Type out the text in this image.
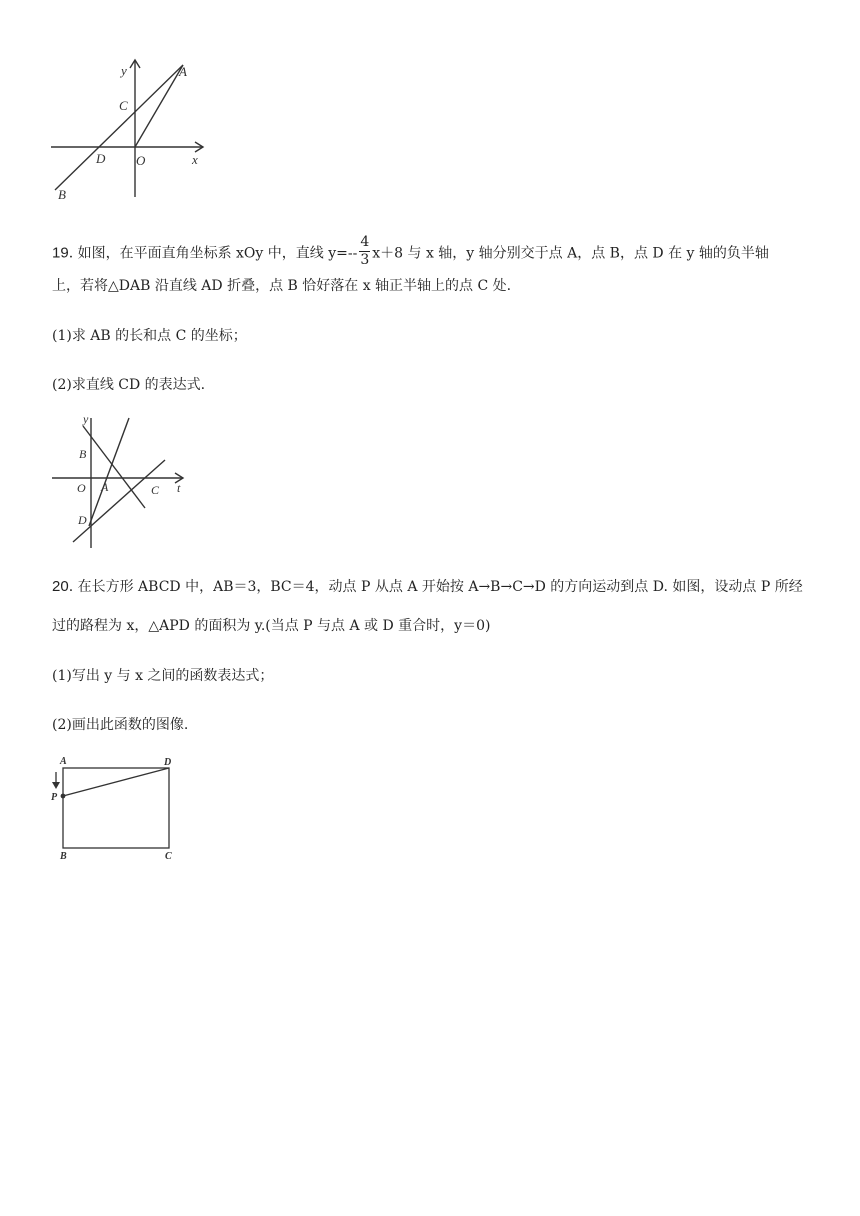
y	A
C
D O	x
B
19. 如图，在平面直角坐标系 xOy 中，直线 $y=-- \frac{4}{3} x+8$ 与 x 轴，y 轴分别交于点 A，点 B，点 D 在 y 轴的负半轴
上，若将△DAB 沿直线 AD 折叠，点 B 恰好落在 x 轴正半轴上的点 C 处.
(1)求 AB 的长和点 C 的坐标；
(2)求直线 CD 的表达式.
y
B
O A	C t
D
20. 在长方形 ABCD 中，AB＝3，BC＝4，动点 P 从点 A 开始按 A→B→C→D 的方向运动到点 D. 如图，设动点 P 所经
过的路程为 x，△APD 的面积为 y.(当点 P 与点 A 或 D 重合时，y＝0)
(1)写出 y 与 x 之间的函数表达式；
(2)画出此函数的图像.
A	D
P
B	C
